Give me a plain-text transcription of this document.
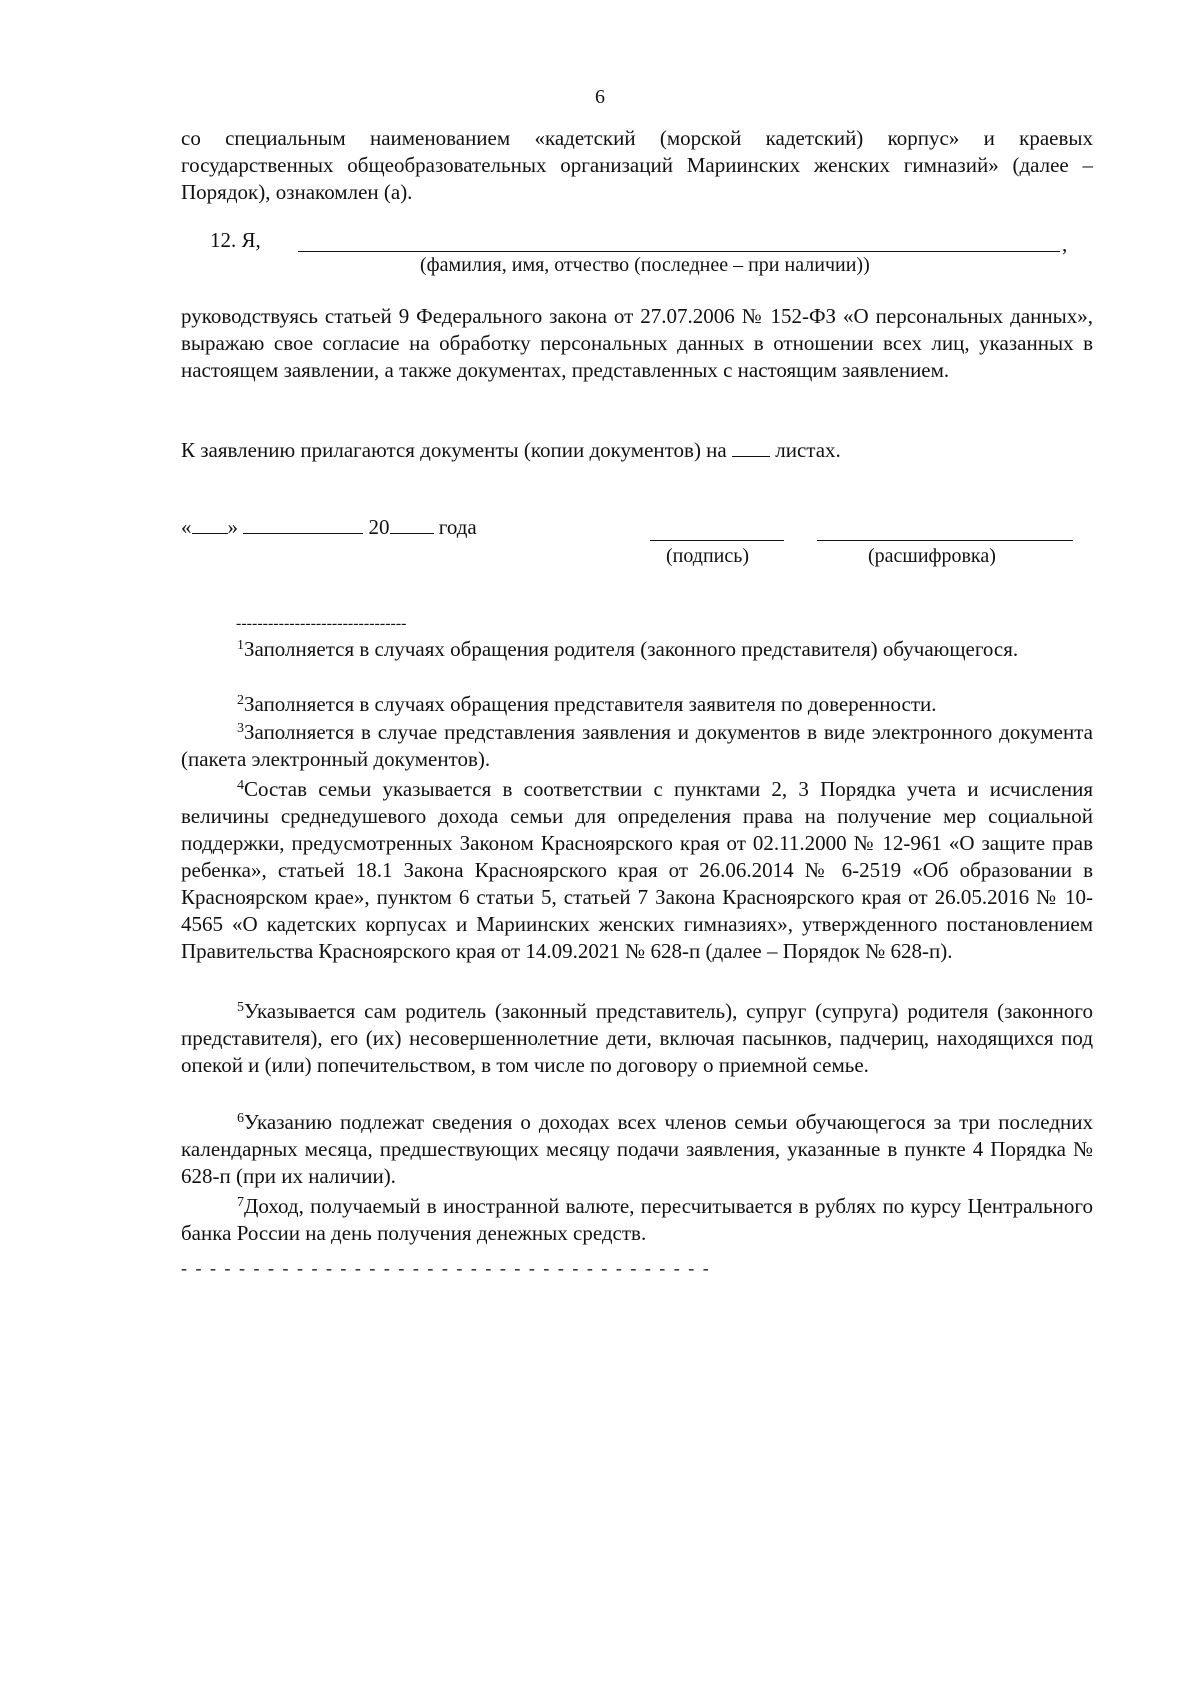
6
со специальным наименованием «кадетский (морской кадетский) корпус» и краевых государственных общеобразовательных организаций Мариинских женских гимназий» (далее – Порядок), ознакомлен (а).
12. Я,	,
(фамилия, имя, отчество (последнее – при наличии))
руководствуясь статьей 9 Федерального закона от 27.07.2006 № 152-ФЗ «О персональных данных», выражаю свое согласие на обработку персональных данных в отношении всех лиц, указанных в настоящем заявлении, а также документах, представленных с настоящим заявлением.
К заявлению прилагаются документы (копии документов) на листах.
« »	20 года
(подпись)	(расшифровка)
--------------------------------
$^1$Заполняется в случаях обращения родителя (законного представителя) обучающегося.
$^2$Заполняется в случаях обращения представителя заявителя по доверенности.
$^3$Заполняется в случае представления заявления и документов в виде электронного документа (пакета электронный документов).
$^4$Состав семьи указывается в соответствии с пунктами 2, 3 Порядка учета и исчисления величины среднедушевого дохода семьи для определения права на получение мер социальной поддержки, предусмотренных Законом Красноярского края от 02.11.2000 № 12-961 «О защите прав ребенка», статьей 18.1 Закона Красноярского края от 26.06.2014 № 6-2519 «Об образовании в Красноярском крае», пунктом 6 статьи 5, статьей 7 Закона Красноярского края от 26.05.2016 № 10-4565 «О кадетских корпусах и Мариинских женских гимназиях», утвержденного постановлением Правительства Красноярского края от 14.09.2021 № 628-п (далее – Порядок № 628-п).
$^5$Указывается сам родитель (законный представитель), супруг (супруга) родителя (законного представителя), его (их) несовершеннолетние дети, включая пасынков, падчериц, находящихся под опекой и (или) попечительством, в том числе по договору о приемной семье.
$^6$Указанию подлежат сведения о доходах всех членов семьи обучающегося за три последних календарных месяца, предшествующих месяцу подачи заявления, указанные в пункте 4 Порядка № 628-п (при их наличии).
$^7$Доход, получаемый в иностранной валюте, пересчитывается в рублях по курсу Центрального банка России на день получения денежных средств.
- - - - - - - - - - - - - - - - - - - - - - - - - - - - - - - - - - - - -
